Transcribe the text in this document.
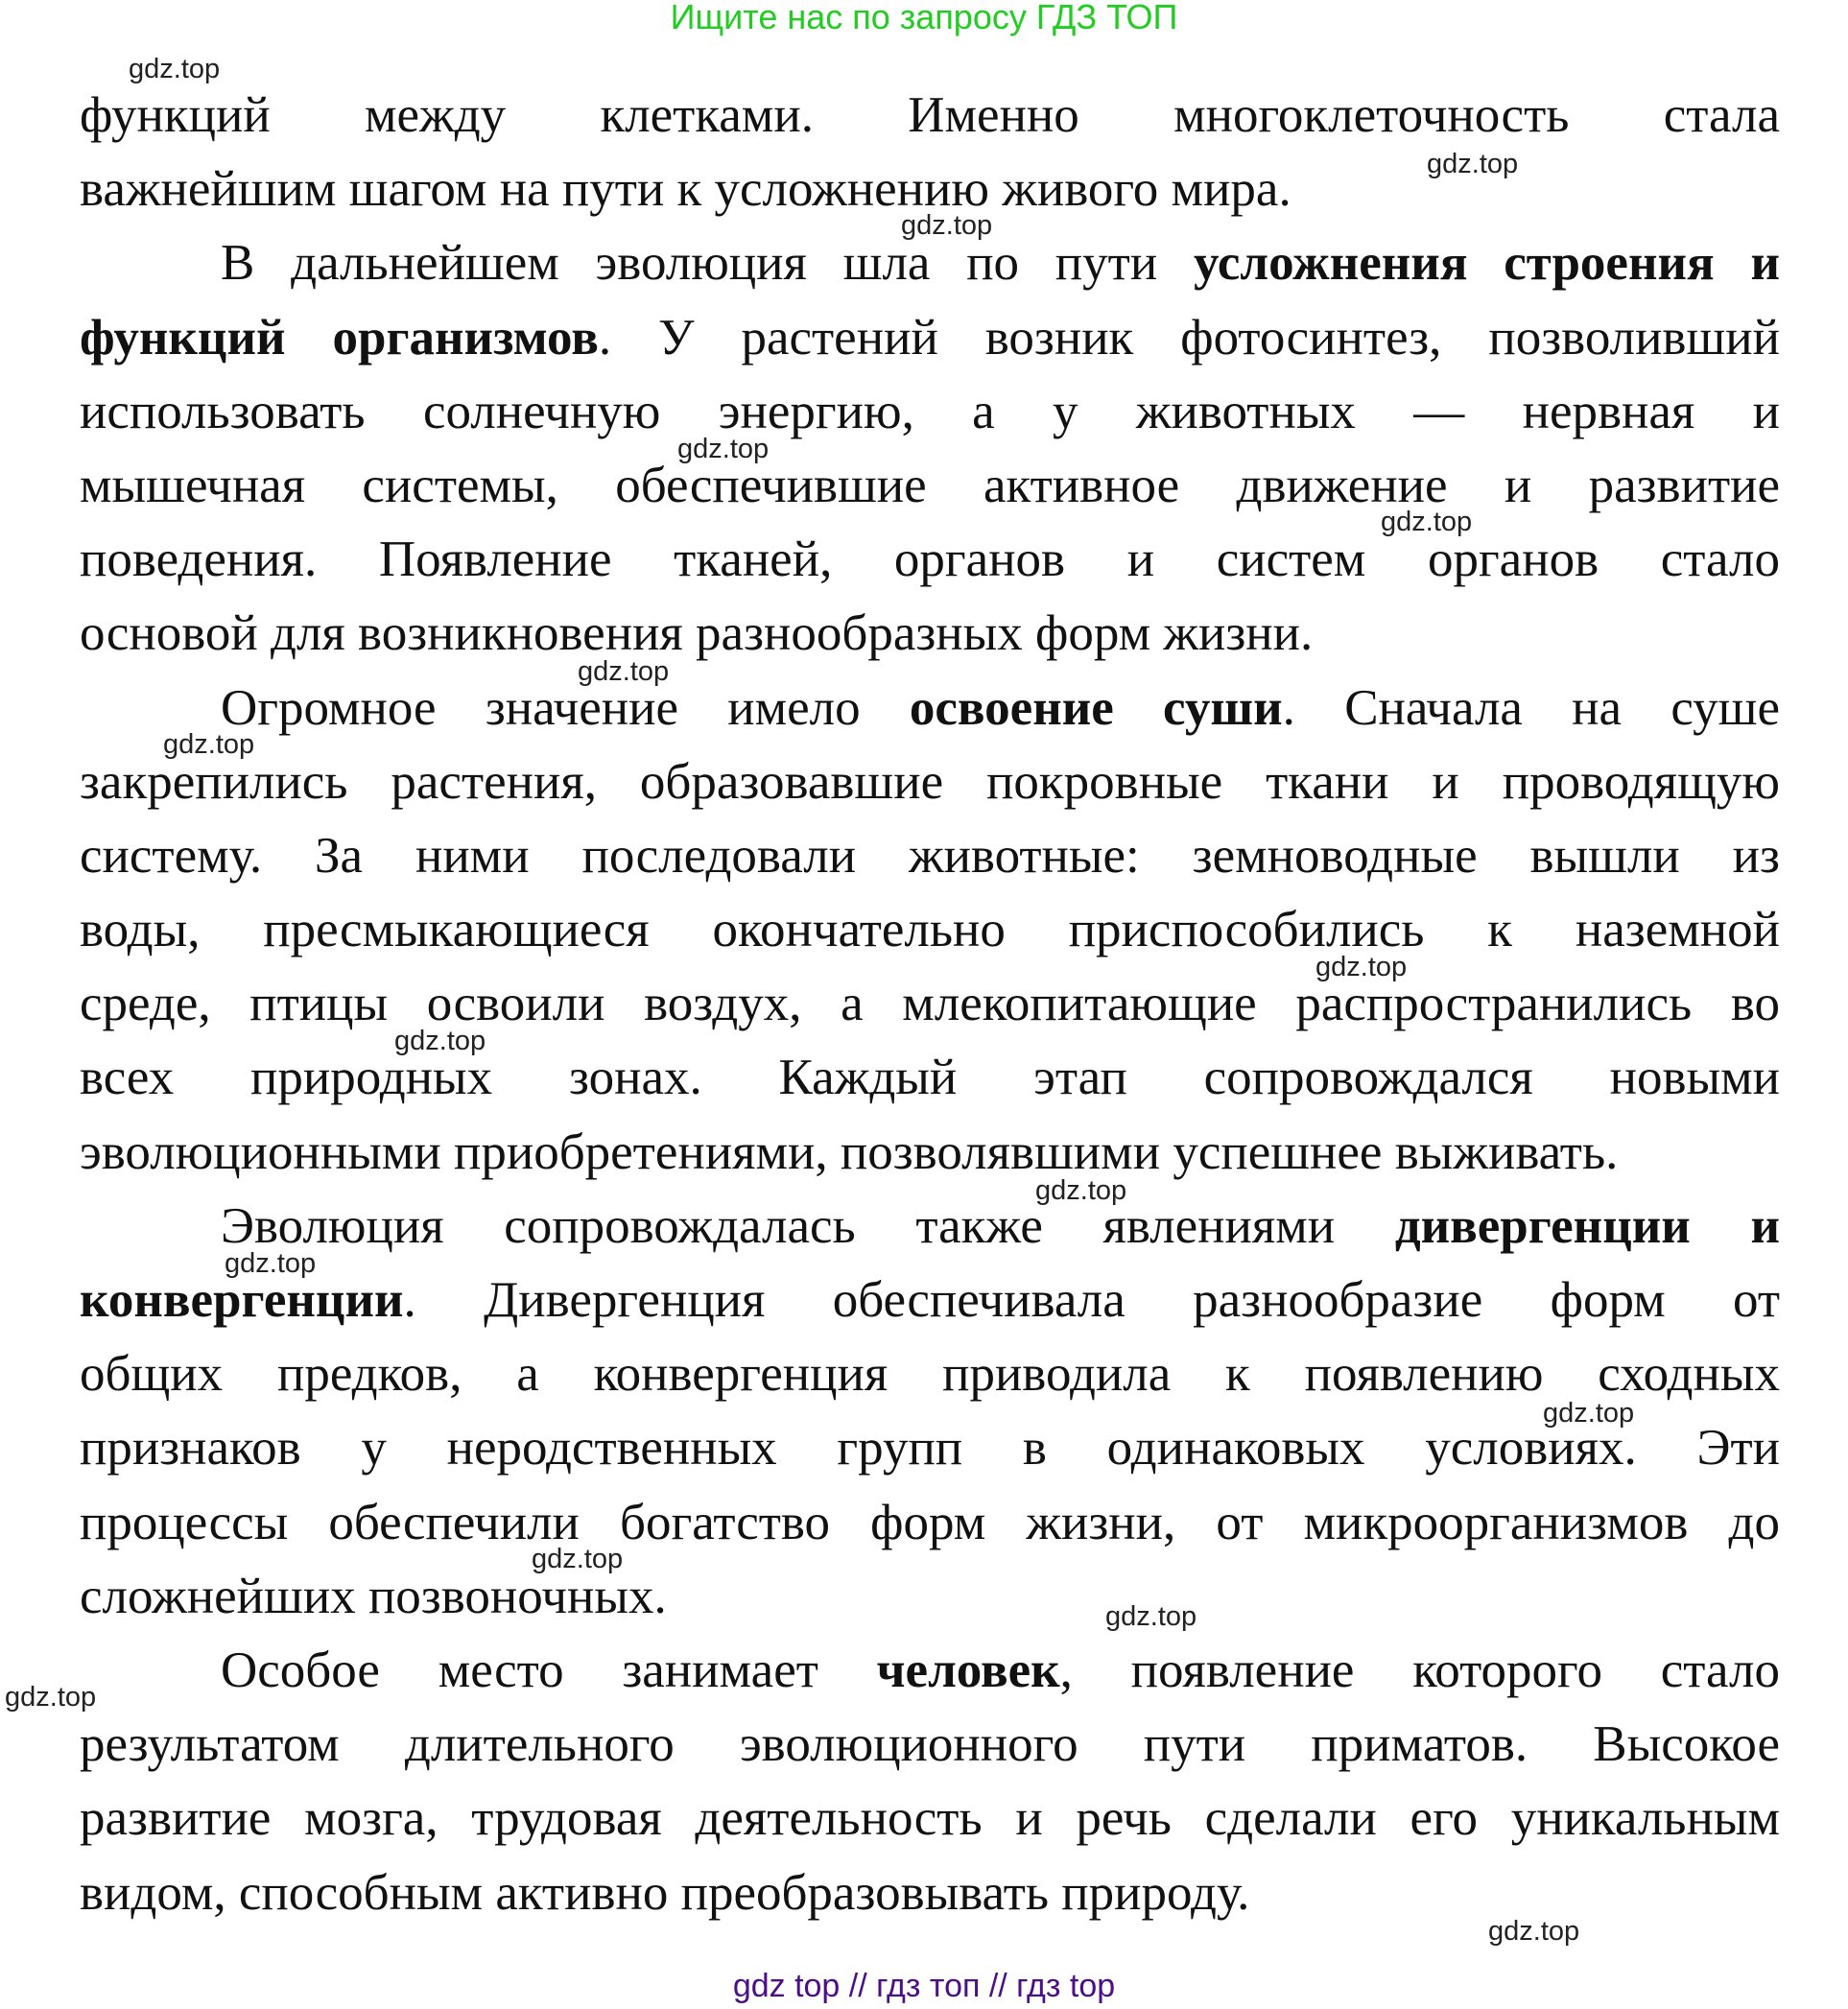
Ищите нас по запросу ГДЗ ТОП
функций между клетками. Именно многоклеточность стала
важнейшим шагом на пути к усложнению живого мира.
В дальнейшем эволюция шла по пути усложнения строения и
функций организмов. У растений возник фотосинтез, позволивший
использовать солнечную энергию, а у животных — нервная и
мышечная системы, обеспечившие активное движение и развитие
поведения. Появление тканей, органов и систем органов стало
основой для возникновения разнообразных форм жизни.
Огромное значение имело освоение суши. Сначала на суше
закрепились растения, образовавшие покровные ткани и проводящую
систему. За ними последовали животные: земноводные вышли из
воды, пресмыкающиеся окончательно приспособились к наземной
среде, птицы освоили воздух, а млекопитающие распространились во
всех природных зонах. Каждый этап сопровождался новыми
эволюционными приобретениями, позволявшими успешнее выживать.
Эволюция сопровождалась также явлениями дивергенции и
конвергенции. Дивергенция обеспечивала разнообразие форм от
общих предков, а конвергенция приводила к появлению сходных
признаков у неродственных групп в одинаковых условиях. Эти
процессы обеспечили богатство форм жизни, от микроорганизмов до
сложнейших позвоночных.
Особое место занимает человек, появление которого стало
результатом длительного эволюционного пути приматов. Высокое
развитие мозга, трудовая деятельность и речь сделали его уникальным
видом, способным активно преобразовывать природу.
gdz.top
gdz.top
gdz.top
gdz.top
gdz.top
gdz.top
gdz.top
gdz.top
gdz.top
gdz.top
gdz.top
gdz.top
gdz.top
gdz.top
gdz.top
gdz.top
gdz top // гдз топ // гдз top
